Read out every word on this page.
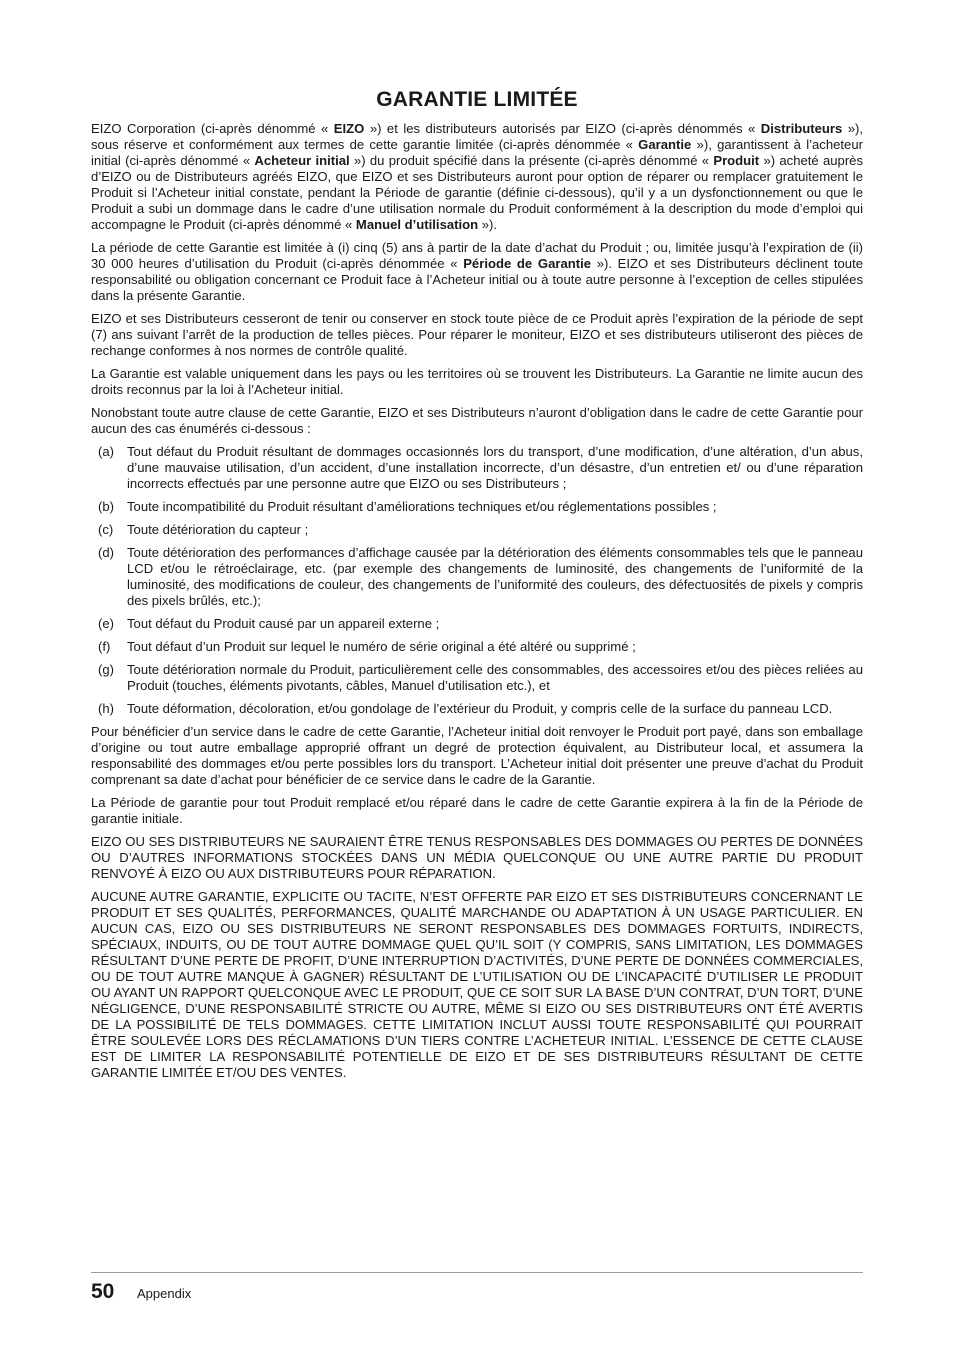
GARANTIE LIMITÉE

EIZO Corporation (ci-après dénommé « EIZO ») et les distributeurs autorisés par EIZO (ci-après dénommés « Distributeurs »), sous réserve et conformément aux termes de cette garantie limitée (ci-après dénommée « Garantie »), garantissent à l’acheteur initial (ci-après dénommé « Acheteur initial ») du produit spécifié dans la présente (ci-après dénommé « Produit ») acheté auprès d’EIZO ou de Distributeurs agréés EIZO, que EIZO et ses Distributeurs auront pour option de réparer ou remplacer gratuitement le Produit si l’Acheteur initial constate, pendant la Période de garantie (définie ci-dessous), qu’il y a un dysfonctionnement ou que le Produit a subi un dommage dans le cadre d’une utilisation normale du Produit conformément à la description du mode d’emploi qui accompagne le Produit (ci-après dénommé « Manuel d’utilisation »).

La période de cette Garantie est limitée à (i) cinq (5) ans à partir de la date d’achat du Produit ; ou, limitée jusqu’à l’expiration de (ii) 30 000 heures d’utilisation du Produit (ci-après dénommée « Période de Garantie »). EIZO et ses Distributeurs déclinent toute responsabilité ou obligation concernant ce Produit face à l’Acheteur initial ou à toute autre personne à l’exception de celles stipulées dans la présente Garantie.

EIZO et ses Distributeurs cesseront de tenir ou conserver en stock toute pièce de ce Produit après l’expiration de la période de sept (7) ans suivant l’arrêt de la production de telles pièces. Pour réparer le moniteur, EIZO et ses distributeurs utiliseront des pièces de rechange conformes à nos normes de contrôle qualité.

La Garantie est valable uniquement dans les pays ou les territoires où se trouvent les Distributeurs. La Garantie ne limite aucun des droits reconnus par la loi à l’Acheteur initial.

Nonobstant toute autre clause de cette Garantie, EIZO et ses Distributeurs n’auront d’obligation dans le cadre de cette Garantie pour aucun des cas énumérés ci-dessous :

(a) Tout défaut du Produit résultant de dommages occasionnés lors du transport, d’une modification, d’une altération, d’un abus, d’une mauvaise utilisation, d’un accident, d’une installation incorrecte, d’un désastre, d’un entretien et/ ou d’une réparation incorrects effectués par une personne autre que EIZO ou ses Distributeurs ;
(b) Toute incompatibilité du Produit résultant d’améliorations techniques et/ou réglementations possibles ;
(c)	Toute détérioration du capteur ;
(d) Toute détérioration des performances d’affichage causée par la détérioration des éléments consommables tels que le panneau LCD et/ou le rétroéclairage, etc. (par exemple des changements de luminosité, des changements de l’uniformité de la luminosité, des modifications de couleur, des changements de l’uniformité des couleurs, des défectuosités de pixels y compris des pixels brûlés, etc.);
(e) Tout défaut du Produit causé par un appareil externe ;
(f)	Tout défaut d’un Produit sur lequel le numéro de série original a été altéré ou supprimé ;
(g) Toute détérioration normale du Produit, particulièrement celle des consommables, des accessoires et/ou des pièces reliées au Produit (touches, éléments pivotants, câbles, Manuel d’utilisation etc.), et
(h) Toute déformation, décoloration, et/ou gondolage de l’extérieur du Produit, y compris celle de la surface du panneau LCD.

Pour bénéficier d’un service dans le cadre de cette Garantie, l’Acheteur initial doit renvoyer le Produit port payé, dans son emballage d’origine ou tout autre emballage approprié offrant un degré de protection équivalent, au Distributeur local, et assumera la responsabilité des dommages et/ou perte possibles lors du transport. L’Acheteur initial doit présenter une preuve d’achat du Produit comprenant sa date d’achat pour bénéficier de ce service dans le cadre de la Garantie.

La Période de garantie pour tout Produit remplacé et/ou réparé dans le cadre de cette Garantie expirera à la fin de la Période de garantie initiale.

EIZO OU SES DISTRIBUTEURS NE SAURAIENT ÊTRE TENUS RESPONSABLES DES DOMMAGES OU PERTES DE DONNÉES OU D’AUTRES INFORMATIONS STOCKÉES DANS UN MÉDIA QUELCONQUE OU UNE AUTRE PARTIE DU PRODUIT RENVOYÉ À EIZO OU AUX DISTRIBUTEURS POUR RÉPARATION.

AUCUNE AUTRE GARANTIE, EXPLICITE OU TACITE, N’EST OFFERTE PAR EIZO ET SES DISTRIBUTEURS CONCERNANT LE PRODUIT ET SES QUALITÉS, PERFORMANCES, QUALITÉ MARCHANDE OU ADAPTATION À UN USAGE PARTICULIER. EN AUCUN CAS, EIZO OU SES DISTRIBUTEURS NE SERONT RESPONSABLES DES DOMMAGES FORTUITS, INDIRECTS, SPÉCIAUX, INDUITS, OU DE TOUT AUTRE DOMMAGE QUEL QU’IL SOIT (Y COMPRIS, SANS LIMITATION, LES DOMMAGES RÉSULTANT D’UNE PERTE DE PROFIT, D’UNE INTERRUPTION D’ACTIVITÉS, D’UNE PERTE DE DONNÉES COMMERCIALES, OU DE TOUT AUTRE MANQUE À GAGNER) RÉSULTANT DE L’UTILISATION OU DE L’INCAPACITÉ D’UTILISER LE PRODUIT OU AYANT UN RAPPORT QUELCONQUE AVEC LE PRODUIT, QUE CE SOIT SUR LA BASE D’UN CONTRAT, D’UN TORT, D’UNE NÉGLIGENCE, D’UNE RESPONSABILITÉ STRICTE OU AUTRE, MÊME SI EIZO OU SES DISTRIBUTEURS ONT ÉTÉ AVERTIS DE LA POSSIBILITÉ DE TELS DOMMAGES. CETTE LIMITATION INCLUT AUSSI TOUTE RESPONSABILITÉ QUI POURRAIT ÊTRE SOULEVÉE LORS DES RÉCLAMATIONS D’UN TIERS CONTRE L’ACHETEUR INITIAL. L’ESSENCE DE CETTE CLAUSE EST DE LIMITER LA RESPONSABILITÉ POTENTIELLE DE EIZO ET DE SES DISTRIBUTEURS RÉSULTANT DE CETTE GARANTIE LIMITÉE ET/OU DES VENTES.

50	Appendix
